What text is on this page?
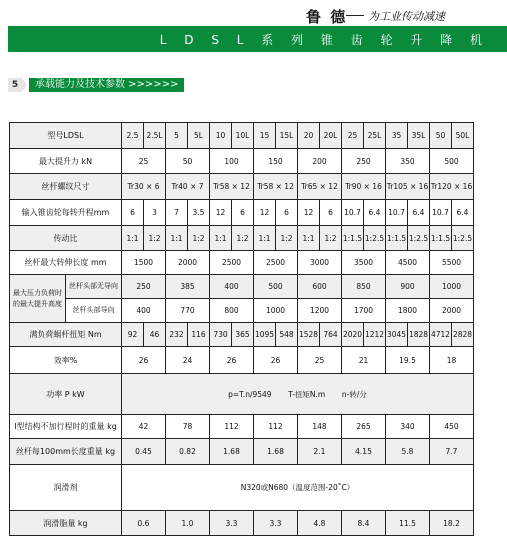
鲁 德 为工业传动减速
L D S L 系 列 锥 齿 轮 升 降 机
5	承载能力及技术参数 >>>>>>
型号LDSL		2.5	2.5L	5	5L	10	10L	15	15L	20	20L	25	25L	35	35L	50	50L
最大提升力 kN		25		50		100		150		200		250		350		500	
丝杆螺纹尺寸		Tr30 × 6		Tr40 × 7		Tr58 × 12		Tr58 × 12		Tr65 × 12		Tr90 × 16		Tr105 × 16		Tr120 × 16	
输入锥齿轮每转升程mm		6	3	7	3.5	12	6	12	6	12	6	10.7	6.4	10.7	6.4	10.7	6.4
传动比		1:1	1:2	1:1	1:2	1:1	1:2	1:1	1:2	1:1	1:2	1:1.5	1:2.5	1:1.5	1:2.5	1:1.5	1:2.5
丝杆最大转伸长度 mm		1500		2000		2500		2500		3000		3500		4500		5500	
最大压力负荷时
的最大提升高度	丝杆头部无导向	250		385		400		500		600		850		900		1000	
	丝杆头部导向	400		770		800		1000		1200		1700		1800		2000	
满负荷蜗杆扭矩 Nm		92	46	232	116	730	365	1095	548	1528	764	2020	1212	3045	1828	4712	2828
效率%		26		24		26		26		25		21		19.5		18	
功率 P kW		p=T.n/9549 T-扭矩N.m n-转/分															
I型结构不加行程时的重量 kg		42		78		112		112		148		265		340		450	
丝杆每100mm长度重量 kg		0.45		0.82		1.68		1.68		2.1		4.15		5.8		7.7	
润滑剂		N320或N680（温度范围-20˚C）															
润滑脂量 kg		0.6		1.0		3.3		3.3		4.8		8.4		11.5		18.2	
